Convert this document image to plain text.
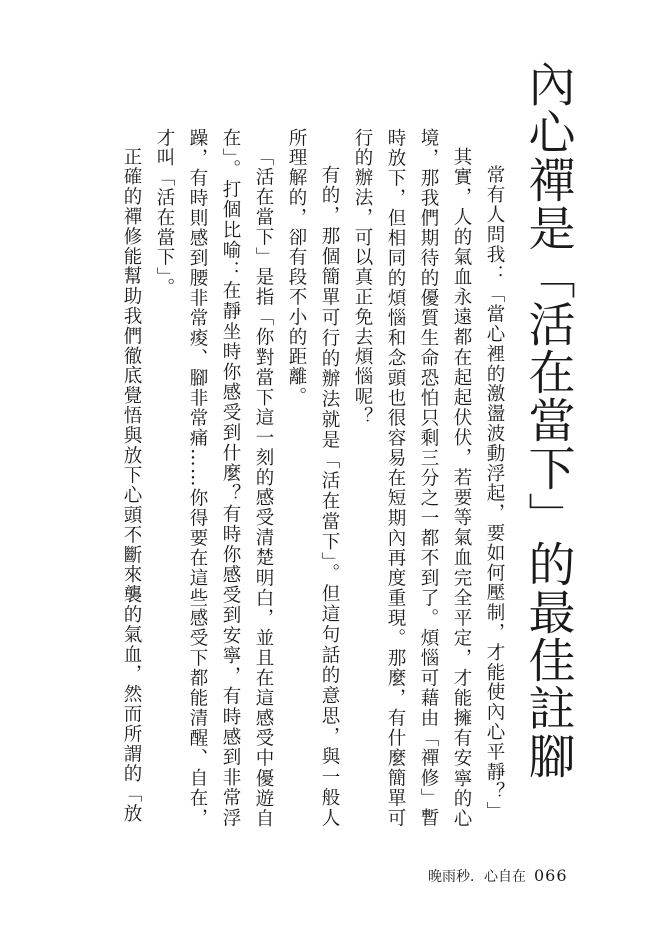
內心禪是「活在當下」的最佳註腳

常有人問我：「當心裡的激盪波動浮起，要如何壓制，才能使內心平靜？」

其實，人的氣血永遠都在起起伏伏，若要等氣血完全平定，才能擁有安寧的心境，那我們期待的優質生命恐怕只剩三分之一都不到了。煩惱可藉由「禪修」暫時放下，但相同的煩惱和念頭也很容易在短期內再度重現。那麼，有什麼簡單可行的辦法，可以真正免去煩惱呢？

有的，那個簡單可行的辦法就是「活在當下」。但這句話的意思，與一般人所理解的，卻有段不小的距離。

「活在當下」是指「你對當下這一刻的感受清楚明白，並且在這感受中優遊自在」。打個比喻：在靜坐時你感受到什麼？有時你感受到安寧，有時感到非常浮躁，有時則感到腰非常痠、腳非常痛……你得要在這些感受下都能清醒、自在，才叫「活在當下」。

正確的禪修能幫助我們徹底覺悟與放下心頭不斷來襲的氣血，然而所謂的「放

晚雨秒．心自在 066
